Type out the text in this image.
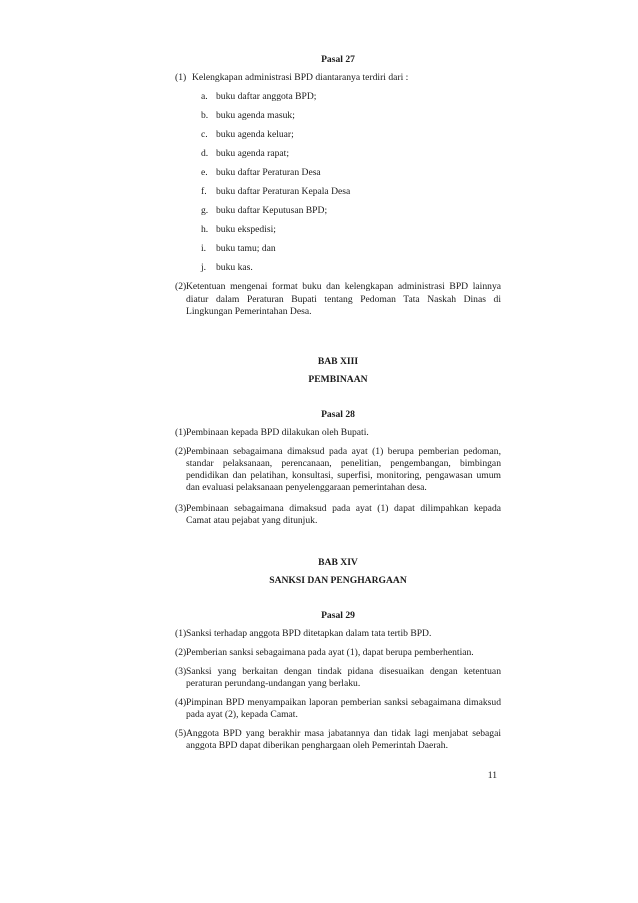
Pasal 27
(1) Kelengkapan administrasi BPD diantaranya terdiri dari :
a. buku daftar anggota BPD;
b. buku agenda masuk;
c. buku agenda keluar;
d. buku agenda rapat;
e. buku daftar Peraturan Desa
f. buku daftar Peraturan Kepala Desa
g. buku daftar Keputusan BPD;
h. buku ekspedisi;
i. buku tamu; dan
j. buku kas.
(2) Ketentuan mengenai format buku dan kelengkapan administrasi BPD lainnya diatur dalam Peraturan Bupati tentang Pedoman Tata Naskah Dinas di Lingkungan Pemerintahan Desa.
BAB XIII
PEMBINAAN
Pasal 28
(1) Pembinaan kepada BPD dilakukan oleh Bupati.
(2) Pembinaan sebagaimana dimaksud pada ayat (1) berupa pemberian pedoman, standar pelaksanaan, perencanaan, penelitian, pengembangan, bimbingan pendidikan dan pelatihan, konsultasi, superfisi, monitoring, pengawasan umum dan evaluasi pelaksanaan penyelenggaraan pemerintahan desa.
(3) Pembinaan sebagaimana dimaksud pada ayat (1) dapat dilimpahkan kepada Camat atau pejabat yang ditunjuk.
BAB XIV
SANKSI DAN PENGHARGAAN
Pasal 29
(1) Sanksi terhadap anggota BPD ditetapkan dalam tata tertib BPD.
(2) Pemberian sanksi sebagaimana pada ayat (1), dapat berupa pemberhentian.
(3) Sanksi yang berkaitan dengan tindak pidana disesuaikan dengan ketentuan peraturan perundang-undangan yang berlaku.
(4) Pimpinan BPD menyampaikan laporan pemberian sanksi sebagaimana dimaksud pada ayat (2), kepada Camat.
(5) Anggota BPD yang berakhir masa jabatannya dan tidak lagi menjabat sebagai anggota BPD dapat diberikan penghargaan oleh Pemerintah Daerah.
11
